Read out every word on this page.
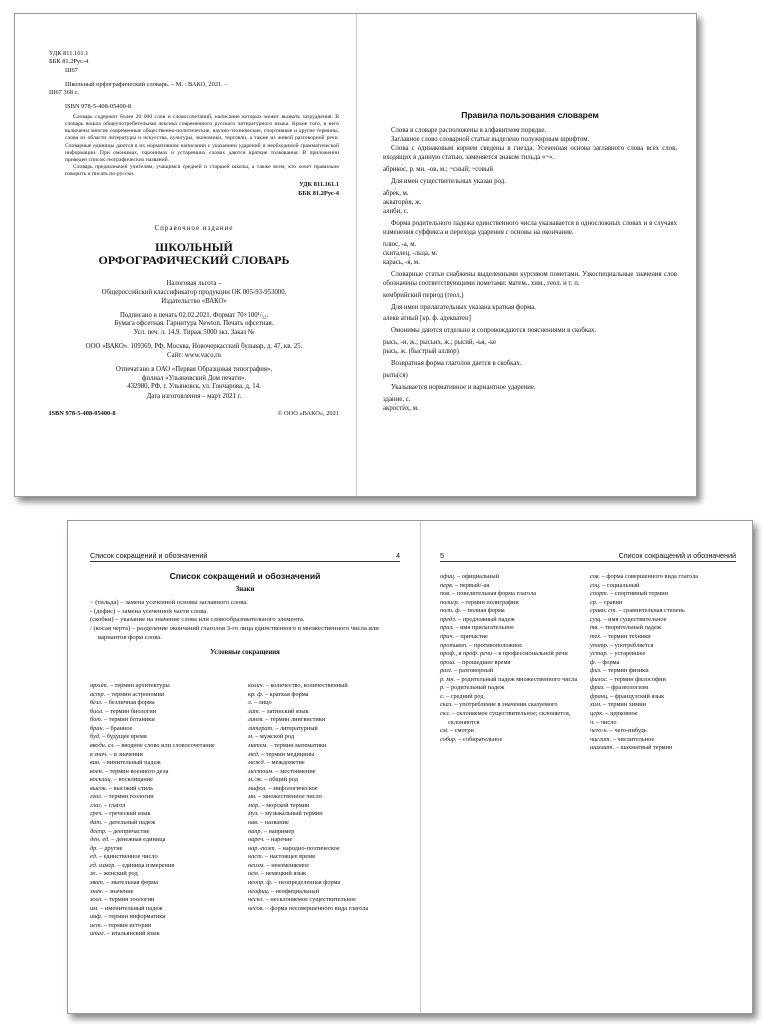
УДК 811.161.1
ББК 81.2Рус-4
Ш67
Школьный орфографический словарь. – М. : ВАКО, 2021. –
Ш67 368 с.
ISBN 978-5-408-05400-8

Словарь содержит более 20 000 слов и словосочетаний, написание которых может вызвать затруднения. В словарь вошла общеупотребительная лексика современного русского литературного языка. Кроме того, в него включены многие современные общественно-политические, научно-технические, спортивные и другие термины, слова из области литературы и искусства, культуры, экономики, торговли, а также из живой разговорной речи. Словарные единицы даются в их нормативном написании с указанием ударений и необходимой грамматической информации. При омонимах, паронимах и устаревших словах даются краткие толкования. В приложении приведен список географических названий.

Словарь предназначен учителям, учащимся средней и старшей школы, а также всем, кто хочет правильно говорить и писать по-русски.

УДК 811.161.1
ББК 81.2Рус-4
Справочное издание
ШКОЛЬНЫЙ
ОРФОГРАФИЧЕСКИЙ СЛОВАРЬ
Налоговая льгота –
Общероссийский классификатор продукции ОК 005-93-953000.
Издательство «ВАКО»
Подписано в печать 02.02.2021. Формат 70×100¹/₃₂.
Бумага офсетная. Гарнитура Newton. Печать офсетная.
Усл. печ. л. 14,9. Тираж 5000 экз. Заказ №
ООО «ВАКО». 109369, РФ, Москва, Новочеркасский бульвар, д. 47, кв. 25.
Сайт: www.vaco.ru
Отпечатано в ОАО «Первая Образцовая типография»,
филиал «Ульяновский Дом печати».
432980, РФ, г. Ульяновск, ул. Гончарова, д. 14.
Дата изготовления – март 2021 г.
ISBN 978-5-408-05400-8	© ООО «ВАКО», 2021
Правила пользования словарем

Слова в словаре расположены в алфавитном порядке.

Заглавное слово словарной статьи выделено полужирным шрифтом.

Слова с одинаковым корнем сведены в гнезда. Усеченная основа заглавного слова всех слов, входящих в данную статью, заменяется знаком тильда «~».

абрико́с, р. мн. -ов, м.; ~сный; ~совый

Для имен существительных указан род.

абре́к, м.
акваторѝя, ж.
а́либи, с.

Форма родительного падежа единственного числа указывается в односложных словах и в случаях изменения суффикса и перехода ударения с основы на окончание.

плюс, -а, м.
скита́лец, -льца, м.
кара́сь, -я́, м.

Словарные статьи снабжены выделенными курсивом пометами. Узкоспециальные значения слов обозначены соответствующими пометами: матем., хим., геол. и т. п.

кембри́йский пери́од (геол.)

Для имен прилагательных указана краткая форма.

алекв а́тный [кр. ф. адеква́тен]

Омонимы даются отдельно и сопровождаются пояснениями в скобках.

рысь, -и, ж.; рысьих, ж.; ры́сий, -ья, -ье
рысь, ж. (быстрый аллюр)

Возвратная форма глаголов дается в скобках.

рыть(ся)

Указывается нормативное и вариантное ударение.

зда́ние, с.
акро́стѝх, м.
Список сокращений и обозначений	4
Список сокращений и обозначений
Знаки
~ (тильда) – замена усеченной основы заглавного слова.
- (дефис) – замена усеченной части слова.
(скобки) – указание на значение слова или словообразовательного элемента.
/ (косая черта) – разделение окончаний глаголов 3-го лица единственного и множественного числа или вариантов форм слова.
Условные сокращения
архит. – термин архитектуры
астр. – термин астрономии
безл. – безличная форма
биол. – термин биологии
бот. – термин ботаники
бран. – бранное
буд. – будущее время
вводн. сл. – вводное слово или словосочетание
в знач. – в значении
вин. – винительный падеж
воен. – термин военного дела
восклиц. – восклицание
высок. – высокий стиль
геол. – термин геологии
глаг. – глагол
греч. – греческий язык
дат. – дательный падеж
деепр. – деепричастие
ден. ед. – денежная единица
др. – другие
ед. – единственное число
ед. измер. – единица измерения
ж. – женский род
зват. – звательная форма
знач. – значение
зоол. – термин зоологии
им. – именительный падеж
инф. – термин информатики
ист. – термин истории
итал. – итальянский язык
колич. – количество, количественный
кр. ф. – краткая форма
л. – лицо
лат. – латинский язык
лингв. – термин лингвистики
литерат. – литературный
м. – мужской род
матем. – термин математики
мед. – термин медицины
межд. – междометие
местоим. – местоимение
м./ж. – общий род
мифол. – мифологическое
мн. – множественное число
мор. – морской термин
муз. – музыкальный термин
нав. – название
напр. – например
нареч. – наречие
нар.-поэт. – народно-поэтическое
наст. – настоящее время
неизм. – неизменяемое
нем. – немецкий язык
неопр. ф. – неопределенная форма
неофиц. – неофициальный
нескл. – несклоняемое существительное
несов. – форма несовершенного вида глагола
5	Список сокращений и обозначений
офиц. – официальный
перв. – первый/-ая
пов. – повелительная форма глагола
полигр. – термин полиграфии
полн. ф. – полная форма
предл. – предложный падеж
прил. – имя прилагательное
прич. – причастие
противоп. – противоположное
проф., в проф. речи – в профессиональной речи
прош. – прошедшее время
разг. – разговорный
р. мн. – родительный падеж множественного числа
р. – родительный падеж
с. – средний род
сказ. – употребление в значении сказуемого
скл. – склоняемое существительное; склоняется, склоняются
см. – смотри
собир. – собирательное
сов. – форма совершенного вида глагола
соц. – социальный
спорт. – спортивный термин
ср. – сравни
сравн. ст. – сравнительная степень
сущ. – имя существительное
тв. – творительный падеж
тех. – термин техники
употр. – употребляется
устар. – устаревшее
ф. – форма
физ. – термин физики
филос. – термин философии
фраз. – фразеологизм
франц. – французский язык
хим. – термин химии
церк. – церковное
ч. – число
чего-н. – чего-нибудь
числит. – числительное
шахмат. – шахматный термин
